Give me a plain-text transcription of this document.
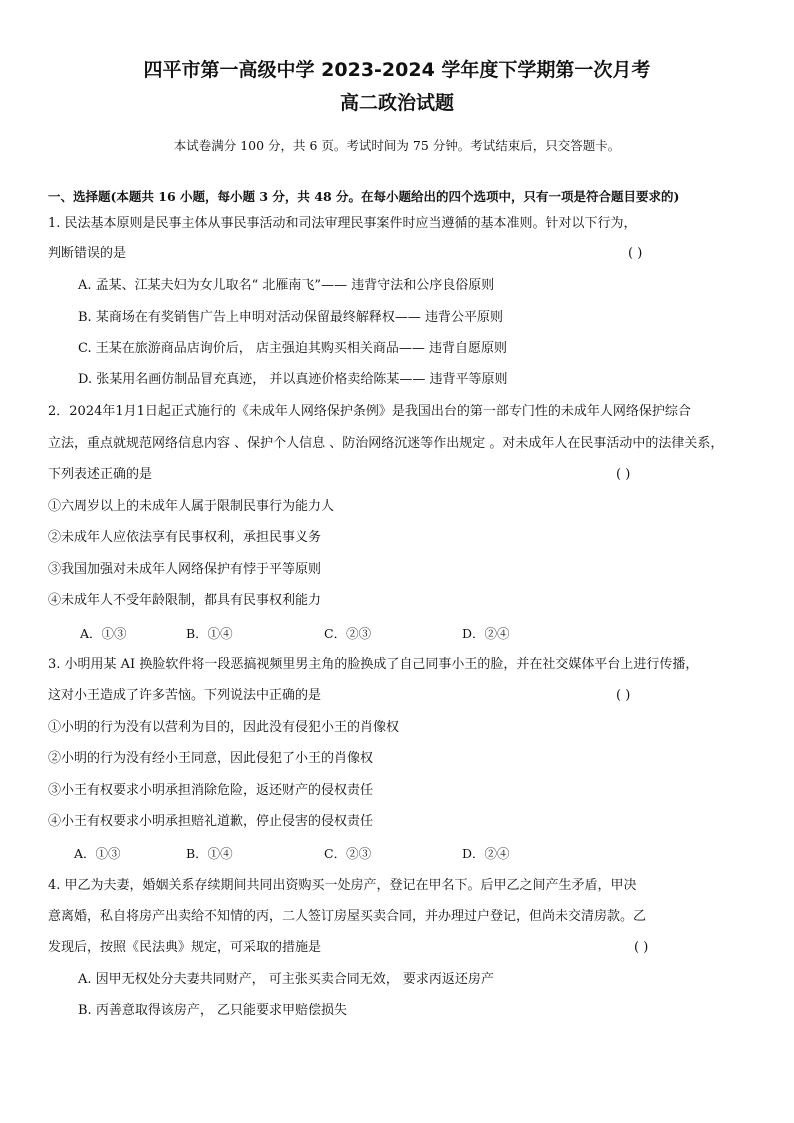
四平市第一高级中学 2023-2024 学年度下学期第一次月考
高二政治试题
本试卷满分 100 分，共 6 页。考试时间为 75 分钟。考试结束后，只交答题卡。
一、选择题(本题共 16 小题，每小题 3 分，共 48 分。在每小题给出的四个选项中，只有一项是符合题目要求的)
1. 民法基本原则是民事主体从事民事活动和司法审理民事案件时应当遵循的基本准则。针对以下行为，
判断错误的是	( )
A. 孟某、江某夫妇为女儿取名“ 北雁南飞”—— 违背守法和公序良俗原则
B. 某商场在有奖销售广告上申明对活动保留最终解释权—— 违背公平原则
C. 王某在旅游商品店询价后， 店主强迫其购买相关商品—— 违背自愿原则
D. 张某用名画仿制品冒充真迹， 并以真迹价格卖给陈某—— 违背平等原则
2．2024年1月1日起正式施行的《未成年人网络保护条例》是我国出台的第一部专门性的未成年人网络保护综合
立法，重点就规范网络信息内容 、保护个人信息 、防治网络沉迷等作出规定 。对未成年人在民事活动中的法律关系，
下列表述正确的是	( )
①六周岁以上的未成年人属于限制民事行为能力人
②未成年人应依法享有民事权利，承担民事义务
③我国加强对未成年人网络保护有悖于平等原则
④未成年人不受年龄限制，都具有民事权利能力
A．①③	B．①④	C．②③	D．②④
3. 小明用某 AI 换脸软件将一段恶搞视频里男主角的脸换成了自己同事小王的脸，并在社交媒体平台上进行传播，
这对小王造成了许多苦恼。下列说法中正确的是	( )
①小明的行为没有以营利为目的，因此没有侵犯小王的肖像权
②小明的行为没有经小王同意，因此侵犯了小王的肖像权
③小王有权要求小明承担消除危险，返还财产的侵权责任
④小王有权要求小明承担赔礼道歉，停止侵害的侵权责任
A．①③	B．①④	C．②③	D．②④
4. 甲乙为夫妻，婚姻关系存续期间共同出资购买一处房产，登记在甲名下。后甲乙之间产生矛盾，甲决
意离婚，私自将房产出卖给不知情的丙，二人签订房屋买卖合同，并办理过户登记，但尚未交清房款。乙
发现后，按照《民法典》规定，可采取的措施是	( )
A. 因甲无权处分夫妻共同财产， 可主张买卖合同无效， 要求丙返还房产
B. 丙善意取得该房产， 乙只能要求甲赔偿损失
